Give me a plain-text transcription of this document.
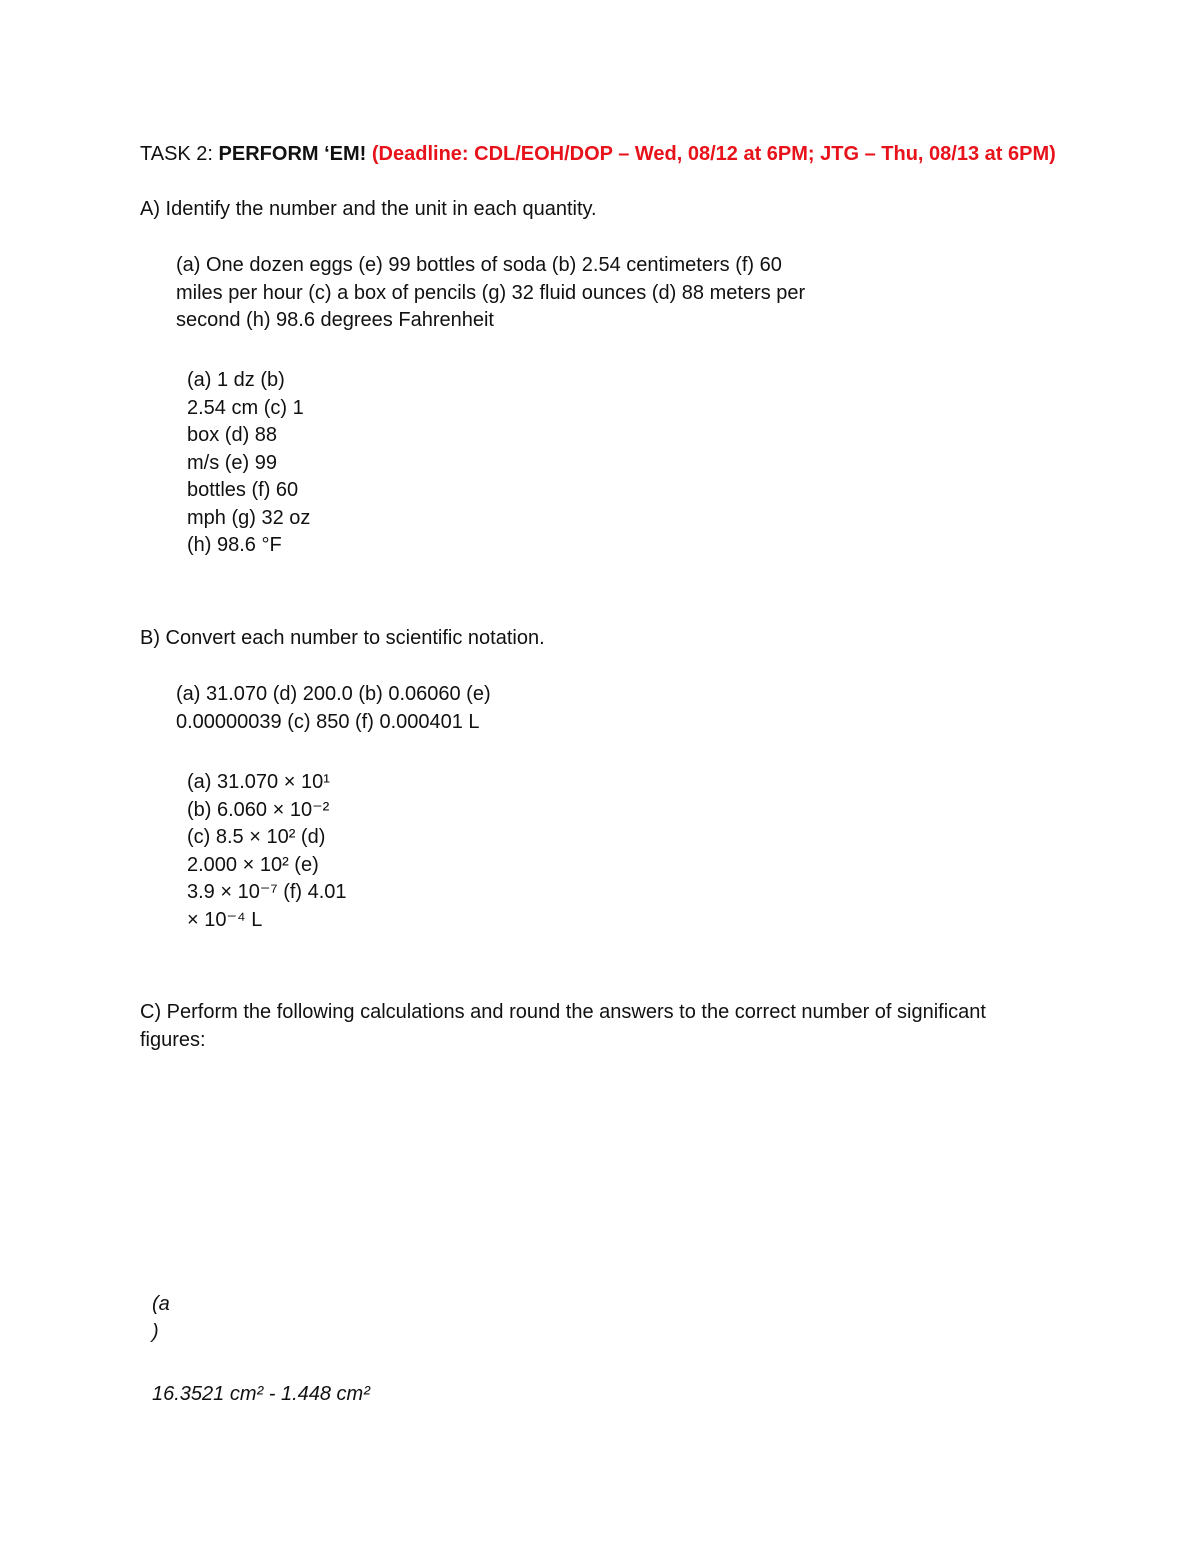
TASK 2: PERFORM ‘EM! (Deadline: CDL/EOH/DOP – Wed, 08/12 at 6PM; JTG – Thu, 08/13 at 6PM)
A) Identify the number and the unit in each quantity.
(a) One dozen eggs (e) 99 bottles of soda (b) 2.54 centimeters (f) 60
miles per hour (c) a box of pencils (g) 32 fluid ounces (d) 88 meters per
second (h) 98.6 degrees Fahrenheit
(a) 1 dz (b)
2.54 cm (c) 1
box (d) 88
m/s (e) 99
bottles (f) 60
mph (g) 32 oz
(h) 98.6 °F
B) Convert each number to scientific notation.
(a) 31.070 (d) 200.0 (b) 0.06060 (e)
0.00000039 (c) 850 (f) 0.000401 L
(a) 31.070 × 10¹
(b) 6.060 × 10⁻²
(c) 8.5 × 10² (d)
2.000 × 10² (e)
3.9 × 10⁻⁷ (f) 4.01
× 10⁻⁴ L
C) Perform the following calculations and round the answers to the correct number of significant
figures:
(a
)
16.3521 cm² - 1.448 cm²
